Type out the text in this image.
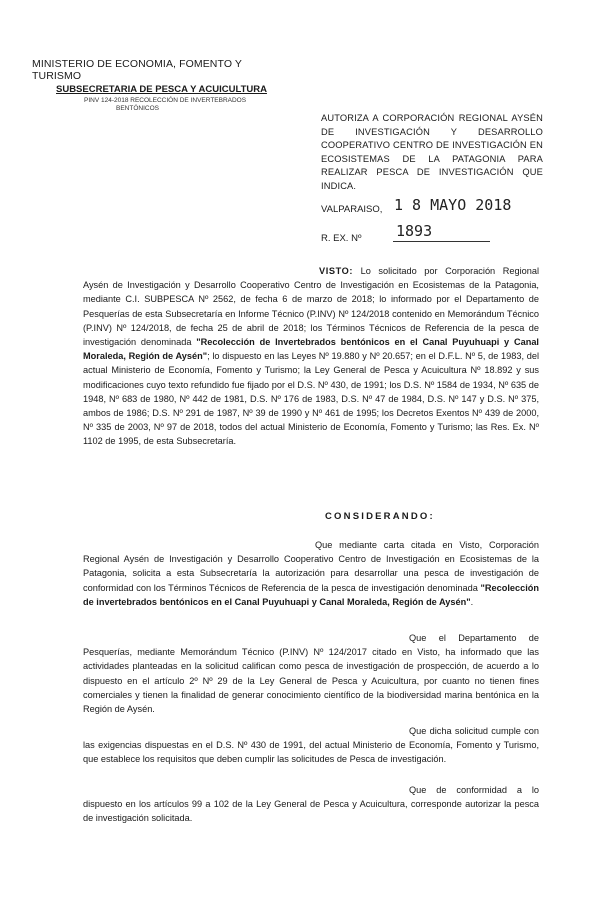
MINISTERIO DE ECONOMIA, FOMENTO Y TURISMO
SUBSECRETARIA DE PESCA Y ACUICULTURA
PINV 124-2018 RECOLECCIÓN DE INVERTEBRADOS
BENTÓNICOS
AUTORIZA A CORPORACIÓN REGIONAL AYSÉN DE INVESTIGACIÓN Y DESARROLLO COOPERATIVO CENTRO DE INVESTIGACIÓN EN ECOSISTEMAS DE LA PATAGONIA PARA REALIZAR PESCA DE INVESTIGACIÓN QUE INDICA.
VALPARAISO, 1 8 MAYO 2018
R. EX. Nº 1893
VISTO: Lo solicitado por Corporación Regional Aysén de Investigación y Desarrollo Cooperativo Centro de Investigación en Ecosistemas de la Patagonia, mediante C.I. SUBPESCA Nº 2562, de fecha 6 de marzo de 2018; lo informado por el Departamento de Pesquerías de esta Subsecretaría en Informe Técnico (P.INV) Nº 124/2018 contenido en Memorándum Técnico (P.INV) Nº 124/2018, de fecha 25 de abril de 2018; los Términos Técnicos de Referencia de la pesca de investigación denominada "Recolección de Invertebrados bentónicos en el Canal Puyuhuapi y Canal Moraleda, Región de Aysén"; lo dispuesto en las Leyes Nº 19.880 y Nº 20.657; en el D.F.L. Nº 5, de 1983, del actual Ministerio de Economía, Fomento y Turismo; la Ley General de Pesca y Acuicultura Nº 18.892 y sus modificaciones cuyo texto refundido fue fijado por el D.S. Nº 430, de 1991; los D.S. Nº 1584 de 1934, Nº 635 de 1948, Nº 683 de 1980, Nº 442 de 1981, D.S. Nº 176 de 1983, D.S. Nº 47 de 1984, D.S. Nº 147 y D.S. Nº 375, ambos de 1986; D.S. Nº 291 de 1987, Nº 39 de 1990 y Nº 461 de 1995; los Decretos Exentos Nº 439 de 2000, Nº 335 de 2003, Nº 97 de 2018, todos del actual Ministerio de Economía, Fomento y Turismo; las Res. Ex. Nº 1102 de 1995, de esta Subsecretaría.
CONSIDERANDO:
Que mediante carta citada en Visto, Corporación Regional Aysén de Investigación y Desarrollo Cooperativo Centro de Investigación en Ecosistemas de la Patagonia, solicita a esta Subsecretaría la autorización para desarrollar una pesca de investigación de conformidad con los Términos Técnicos de Referencia de la pesca de investigación denominada "Recolección de invertebrados bentónicos en el Canal Puyuhuapi y Canal Moraleda, Región de Aysén".
Que el Departamento de Pesquerías, mediante Memorándum Técnico (P.INV) Nº 124/2017 citado en Visto, ha informado que las actividades planteadas en la solicitud califican como pesca de investigación de prospección, de acuerdo a lo dispuesto en el artículo 2º Nº 29 de la Ley General de Pesca y Acuicultura, por cuanto no tienen fines comerciales y tienen la finalidad de generar conocimiento científico de la biodiversidad marina bentónica en la Región de Aysén.
Que dicha solicitud cumple con las exigencias dispuestas en el D.S. Nº 430 de 1991, del actual Ministerio de Economía, Fomento y Turismo, que establece los requisitos que deben cumplir las solicitudes de Pesca de investigación.
Que de conformidad a lo dispuesto en los artículos 99 a 102 de la Ley General de Pesca y Acuicultura, corresponde autorizar la pesca de investigación solicitada.
